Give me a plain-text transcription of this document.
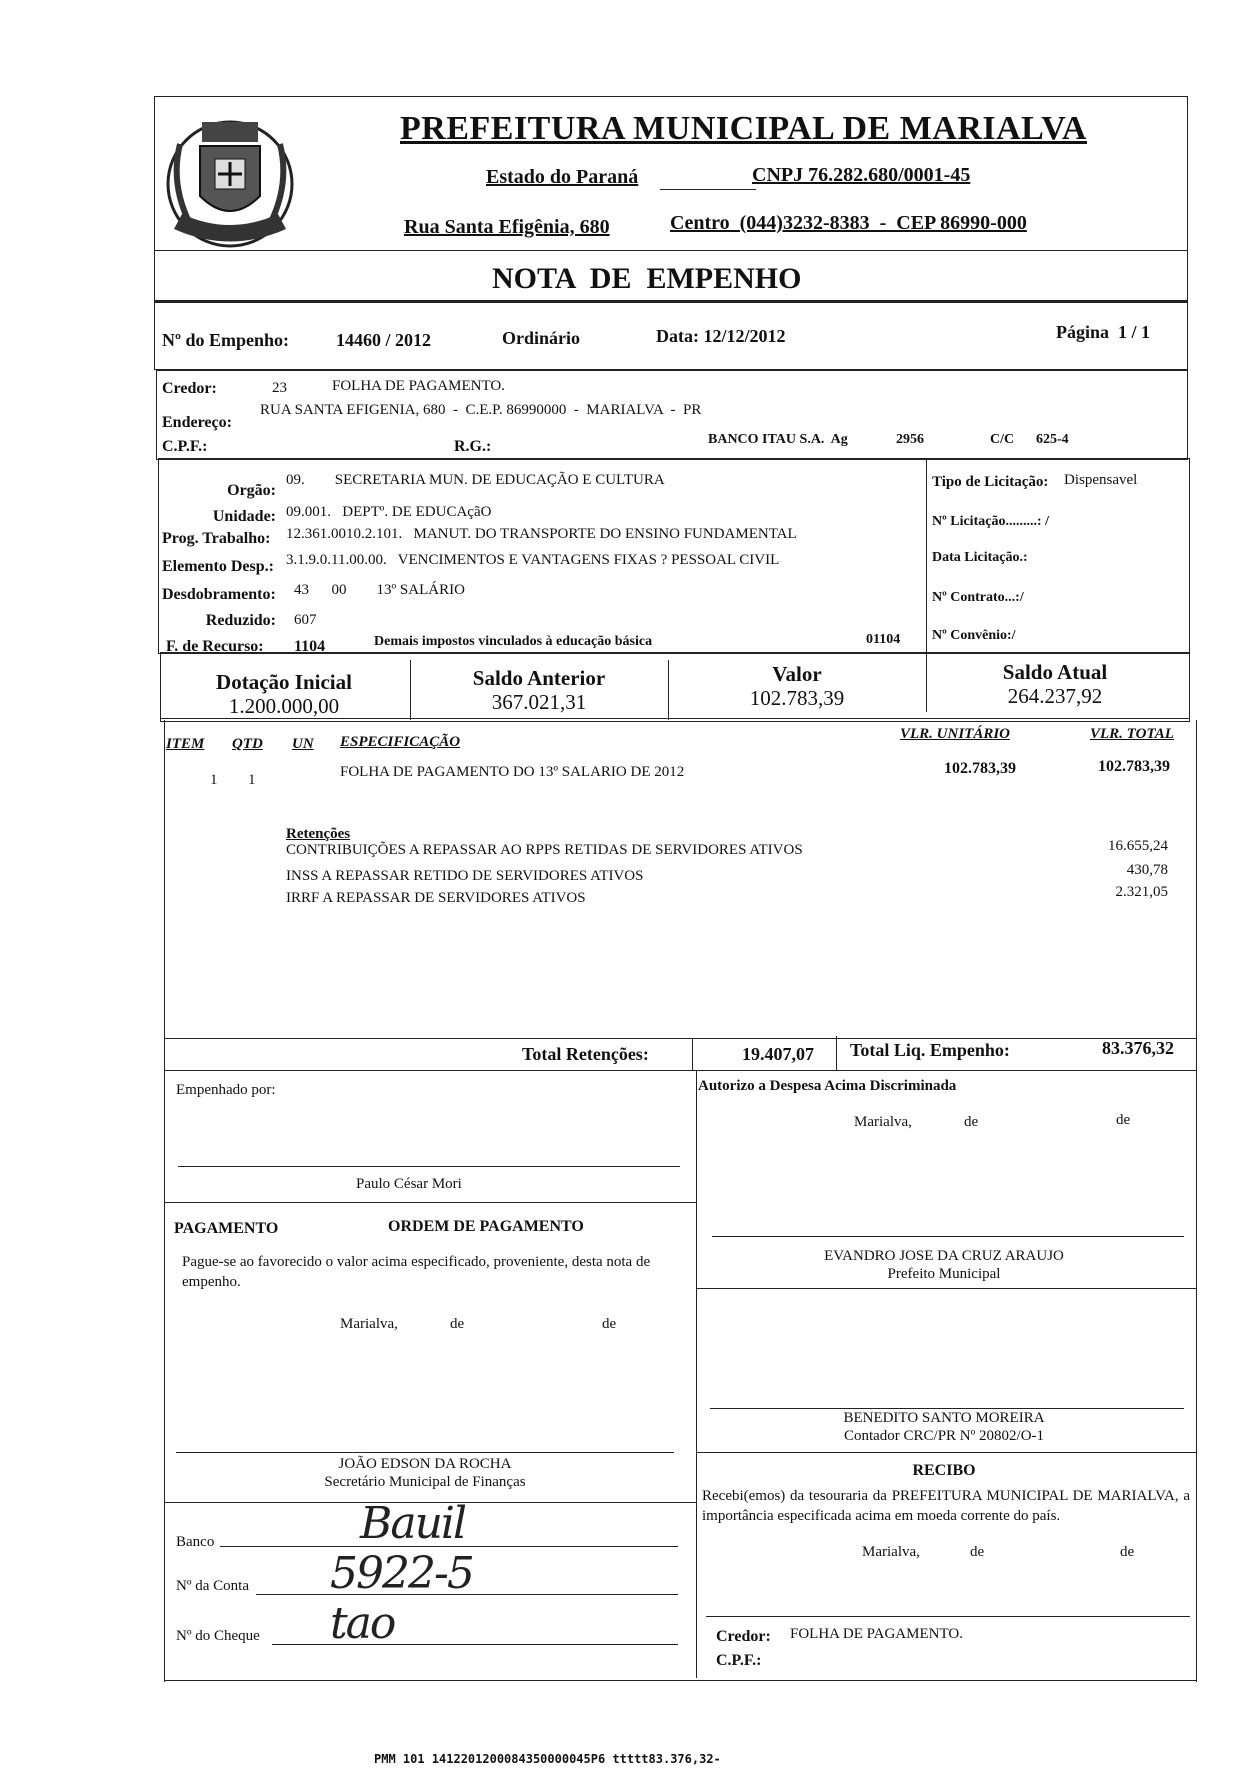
PREFEITURA MUNICIPAL DE MARIALVA
Estado do Paraná	CNPJ 76.282.680/0001-45
Rua Santa Efigênia, 680	Centro  (044)3232-8383  -  CEP 86990-000
NOTA  DE  EMPENHO
Nº do Empenho:	14460 / 2012	Ordinário	Data: 12/12/2012	Página  1 / 1
Credor:	23	FOLHA DE PAGAMENTO.
Endereço:
RUA SANTA EFIGENIA, 680  -  C.E.P. 86990000  -  MARIALVA  -  PR
C.P.F.:	R.G.:	BANCO ITAU S.A.  Ag	2956	C/C 625-4
Orgão:
09.        SECRETARIA MUN. DE EDUCAÇÃO E CULTURA
Unidade: 09.001.   DEPTº. DE EDUCAçãO
Prog. Trabalho: 12.361.0010.2.101.   MANUT. DO TRANSPORTE DO ENSINO FUNDAMENTAL
Elemento Desp.: 3.1.9.0.11.00.00.   VENCIMENTOS E VANTAGENS FIXAS ? PESSOAL CIVIL
Desdobramento: 43      00        13º SALÁRIO
Reduzido: 607
F. de Recurso: 1104	Demais impostos vinculados à educação básica	01104
Tipo de Licitação: Dispensavel
Nº Licitação.........: /
Data Licitação.:
Nº Contrato...:/
Nº Convênio:/
Dotação Inicial
1.200.000,00
Saldo Anterior
367.021,31
Valor
102.783,39
Saldo Atual
264.237,92
ITEM QTD UN ESPECIFICAÇÃO	VLR. UNITÁRIO	VLR. TOTAL
1 1	FOLHA DE PAGAMENTO DO 13º SALARIO DE 2012	102.783,39	102.783,39
Retenções
CONTRIBUIÇÕES A REPASSAR AO RPPS RETIDAS DE SERVIDORES ATIVOS	16.655,24
INSS A REPASSAR RETIDO DE SERVIDORES ATIVOS	430,78
IRRF A REPASSAR DE SERVIDORES ATIVOS	2.321,05
Total Retenções:	19.407,07 Total Liq. Empenho:	83.376,32
Empenhado por:
Paulo César Mori
Autorizo a Despesa Acima Discriminada
Marialva,	de	de
EVANDRO JOSE DA CRUZ ARAUJO
Prefeito Municipal
PAGAMENTO	ORDEM DE PAGAMENTO
Pague-se ao favorecido o valor acima especificado, proveniente, desta nota de empenho.
Marialva,	de	de
BENEDITO SANTO MOREIRA
Contador CRC/PR Nº 20802/O-1
JOÃO EDSON DA ROCHA
Secretário Municipal de Finanças
RECIBO
Recebi(emos) da tesouraria da PREFEITURA MUNICIPAL DE MARIALVA, a importância especificada acima em moeda corrente do país.
Marialva,	de	de
Banco	Bauil
Nº da Conta 5922-5
Nº do Cheque tao	Credor: FOLHA DE PAGAMENTO.
C.P.F.:
PMM 101 1412201200084350000045P6 ttttt83.376,32-
